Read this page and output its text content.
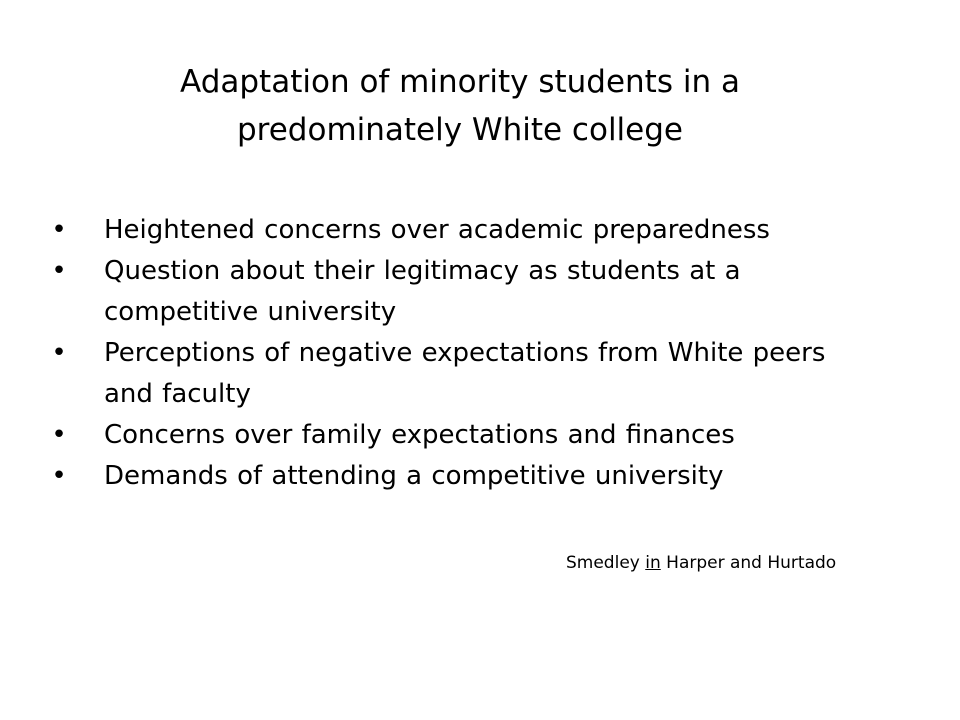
Adaptation of minority students in a
predominately White college
• Heightened concerns over academic preparedness
• Question about their legitimacy as students at a competitive university
• Perceptions of negative expectations from White peers and faculty
• Concerns over family expectations and finances
• Demands of attending a competitive university
Smedley in Harper and Hurtado
